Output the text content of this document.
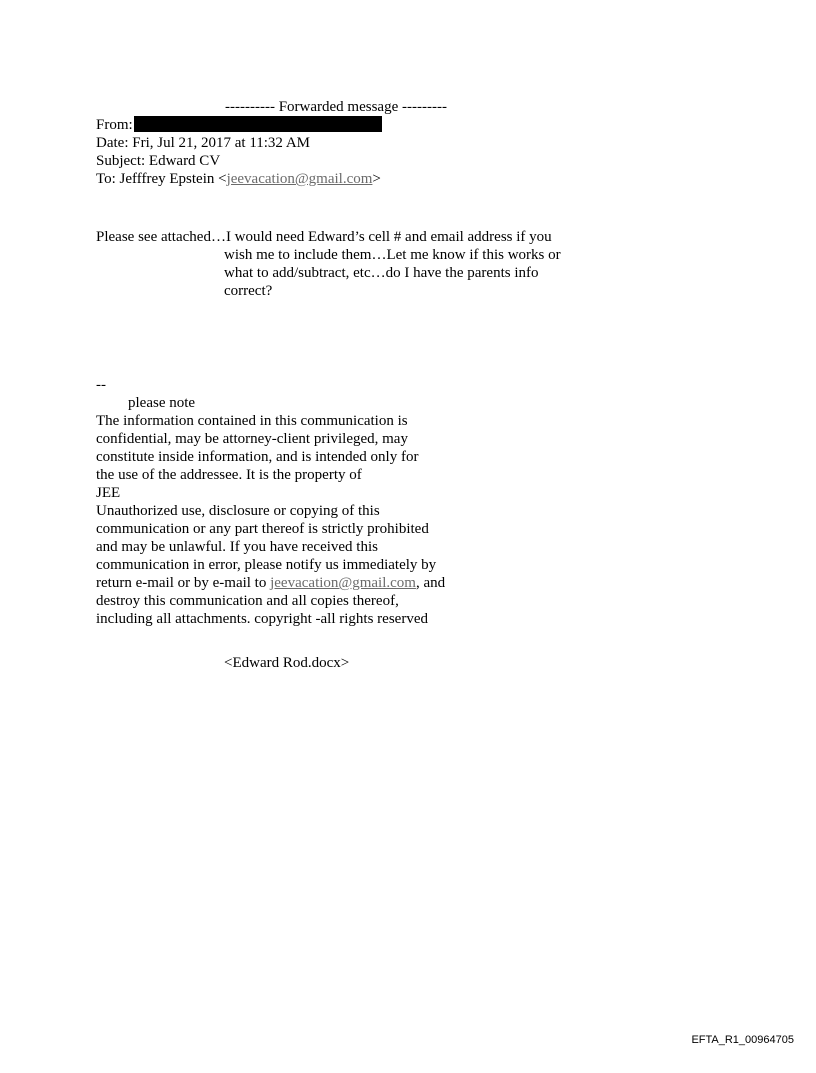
---------- Forwarded message ---------
From:
Date: Fri, Jul 21, 2017 at 11:32 AM
Subject: Edward CV
To: Jefffrey Epstein <jeevacation@gmail.com>
Please see attached…I would need Edward’s cell # and email address if you
wish me to include them…Let me know if this works or
what to add/subtract, etc…do I have the parents info
correct?
--
please note
The information contained in this communication is
confidential, may be attorney-client privileged, may
constitute inside information, and is intended only for
the use of the addressee. It is the property of
JEE
Unauthorized use, disclosure or copying of this
communication or any part thereof is strictly prohibited
and may be unlawful. If you have received this
communication in error, please notify us immediately by
return e-mail or by e-mail to jeevacation@gmail.com, and
destroy this communication and all copies thereof,
including all attachments. copyright -all rights reserved
<Edward Rod.docx>
EFTA_R1_00964705
